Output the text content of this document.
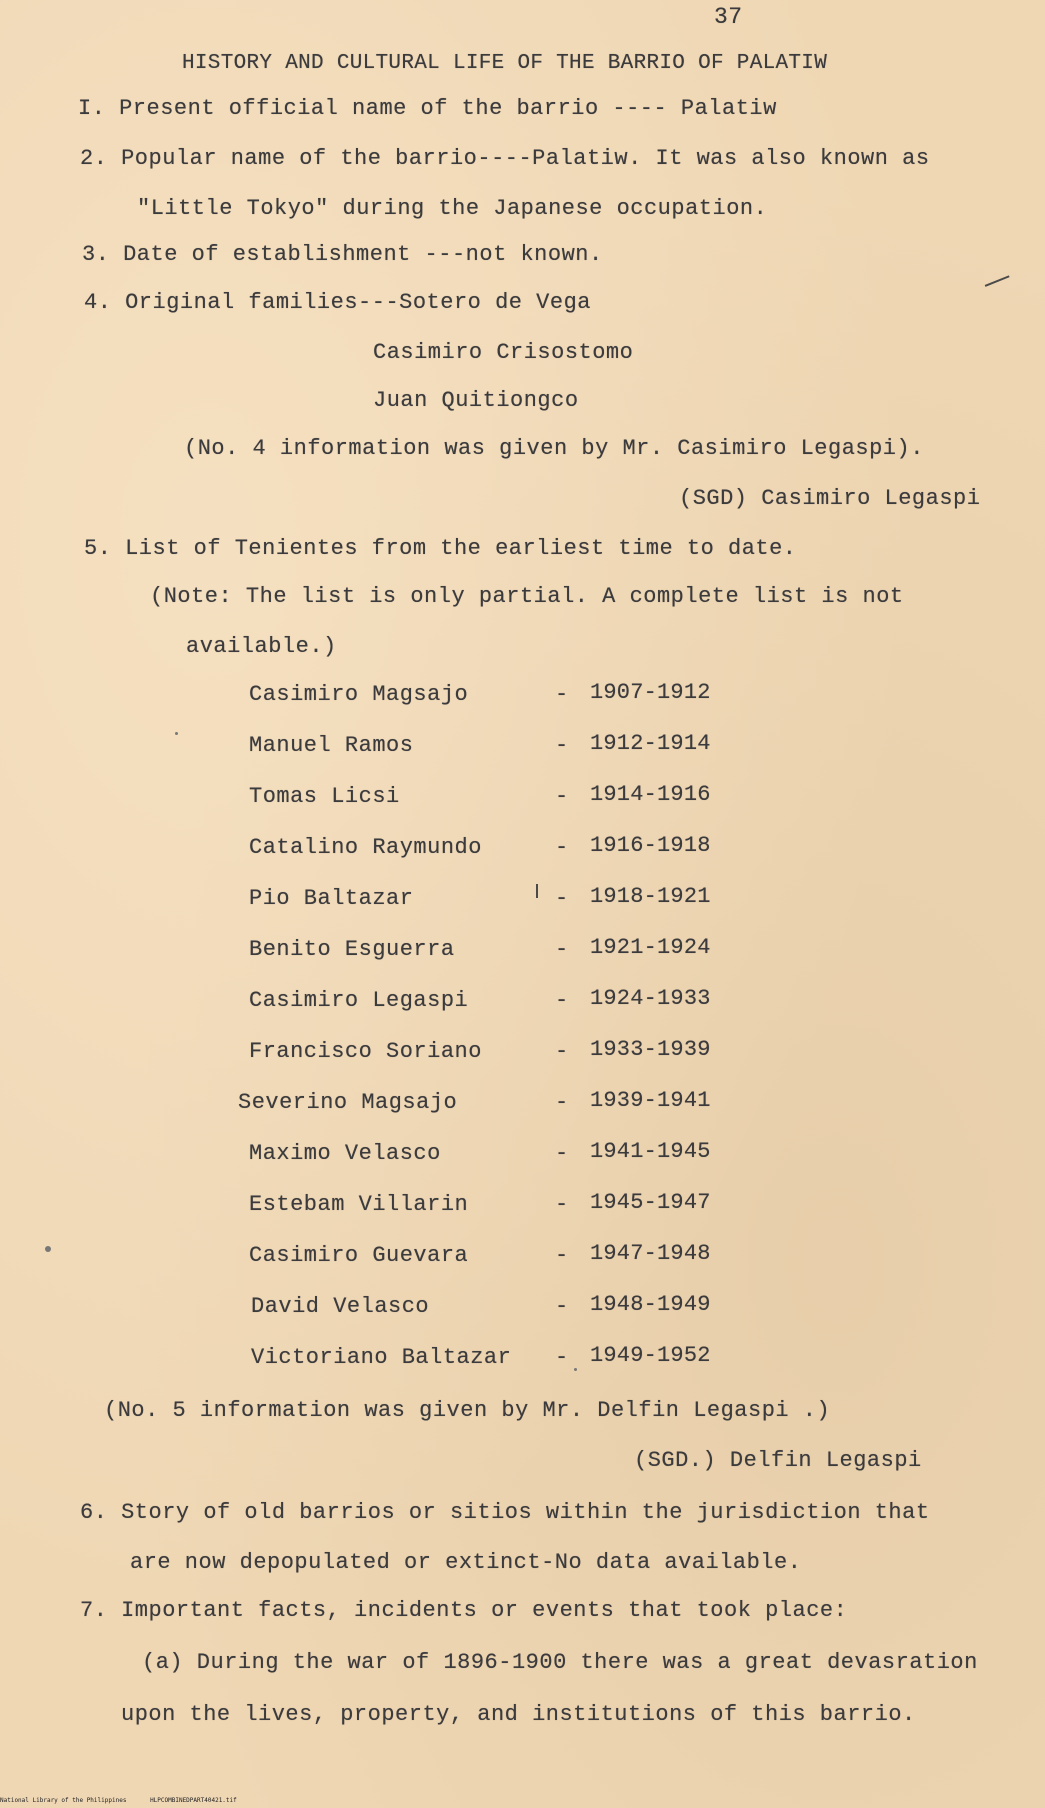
37
HISTORY AND CULTURAL LIFE OF THE BARRIO OF PALATIW
I. Present official name of the barrio ---- Palatiw
2. Popular name of the barrio----Palatiw. It was also known as
"Little Tokyo" during the Japanese occupation.
3. Date of establishment ---not known.
4. Original families---Sotero de Vega
Casimiro Crisostomo
Juan Quitiongco
(No. 4 information was given by Mr. Casimiro Legaspi).
(SGD) Casimiro Legaspi
5. List of Tenientes from the earliest time to date.
(Note: The list is only partial. A complete list is not
available.)
Casimiro Magsajo	- 1907-1912
Manuel Ramos	- 1912-1914
Tomas Licsi	- 1914-1916
Catalino Raymundo	- 1916-1918
Pio Baltazar	- 1918-1921
Benito Esguerra	- 1921-1924
Casimiro Legaspi	- 1924-1933
Francisco Soriano	- 1933-1939
Severino Magsajo	- 1939-1941
Maximo Velasco	- 1941-1945
Estebam Villarin	- 1945-1947
Casimiro Guevara	- 1947-1948
David Velasco	- 1948-1949
Victoriano Baltazar - 1949-1952
(No. 5 information was given by Mr. Delfin Legaspi .)
(SGD.) Delfin Legaspi
6. Story of old barrios or sitios within the jurisdiction that
are now depopulated or extinct-No data available.
7. Important facts, incidents or events that took place:
(a) During the war of 1896-1900 there was a great devasration
upon the lives, property, and institutions of this barrio.
National Library of the Philippines	HLPCOMBINEDPART40421.tif
